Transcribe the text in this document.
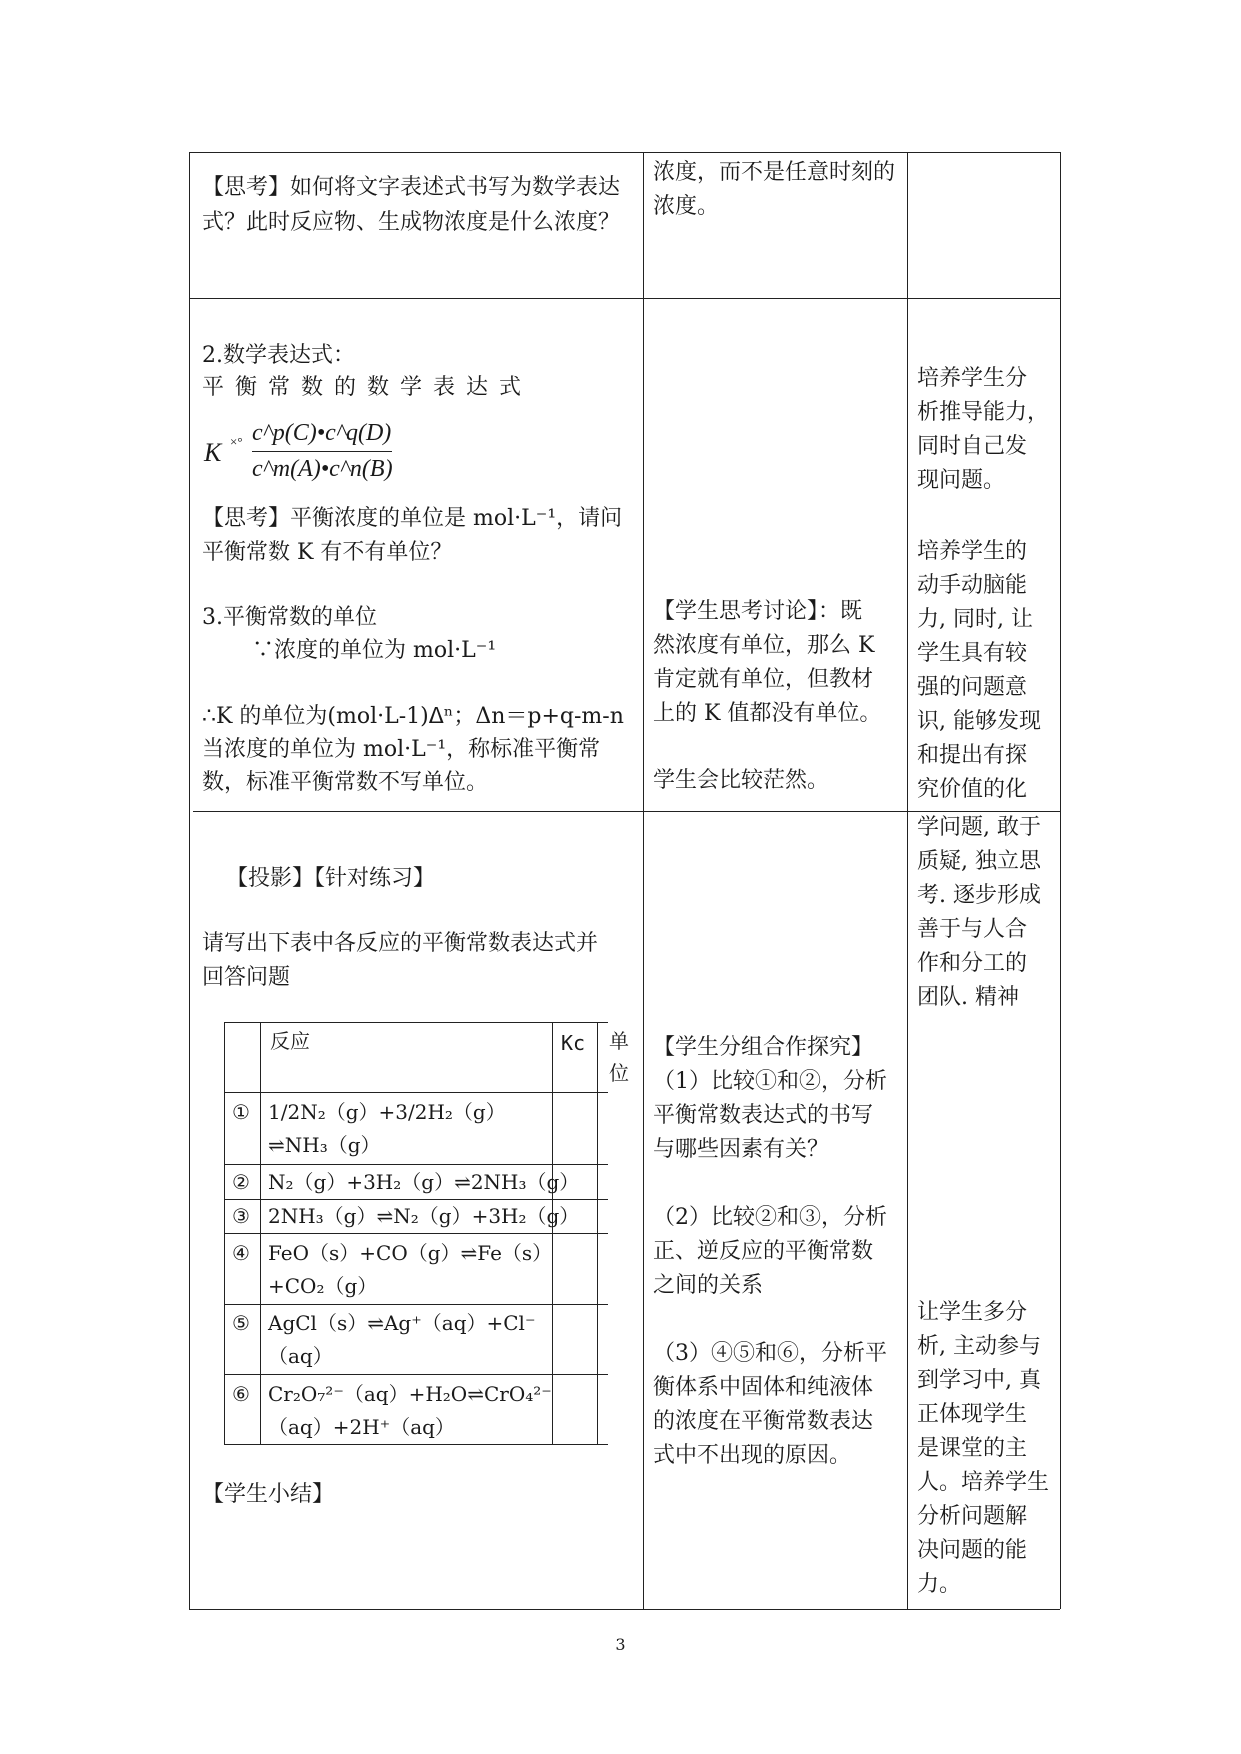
【思考】如何将文字表述式书写为数学表达
式？此时反应物、生成物浓度是什么浓度？
2.数学表达式：
平 衡 常 数 的 数 学 表 达 式
K ×° c^p(C)•c^q(D)
c^m(A)•c^n(B)
【思考】平衡浓度的单位是 mol·L⁻¹，请问
平衡常数 K 有不有单位？
3.平衡常数的单位
∵浓度的单位为 mol·L⁻¹
∴K 的单位为(mol·L-1)ᐃⁿ；Δn＝p+q-m-n
当浓度的单位为 mol·L⁻¹，称标准平衡常
数，标准平衡常数不写单位。
【投影】【针对练习】
请写出下表中各反应的平衡常数表达式并
回答问题
反应	Kc 单
位
① 1/2N₂（g）+3/2H₂（g）
⇌NH₃（g）
② N₂（g）+3H₂（g）⇌2NH₃（g）
③ 2NH₃（g）⇌N₂（g）+3H₂（g）
④ FeO（s）+CO（g）⇌Fe（s）
+CO₂（g）
⑤ AgCl（s）⇌Ag⁺（aq）+Cl⁻
（aq）
⑥ Cr₂O₇²⁻（aq）+H₂O⇌CrO₄²⁻
（aq）+2H⁺（aq）
【学生小结】
浓度，而不是任意时刻的
浓度。
【学生思考讨论】：既
然浓度有单位，那么 K
肯定就有单位，但教材
上的 K 值都没有单位。
学生会比较茫然。
【学生分组合作探究】
（1）比较①和②，分析
平衡常数表达式的书写
与哪些因素有关？
（2）比较②和③，分析
正、逆反应的平衡常数
之间的关系
（3）④⑤和⑥，分析平
衡体系中固体和纯液体
的浓度在平衡常数表达
式中不出现的原因。
培养学生分
析推导能力，
同时自己发
现问题。
培养学生的
动手动脑能
力, 同时, 让
学生具有较
强的问题意
识, 能够发现
和提出有探
究价值的化
学问题, 敢于
质疑, 独立思
考. 逐步形成
善于与人合
作和分工的
团队. 精神
让学生多分
析, 主动参与
到学习中, 真
正体现学生
是课堂的主
人。培养学生
分析问题解
决问题的能
力。
3
